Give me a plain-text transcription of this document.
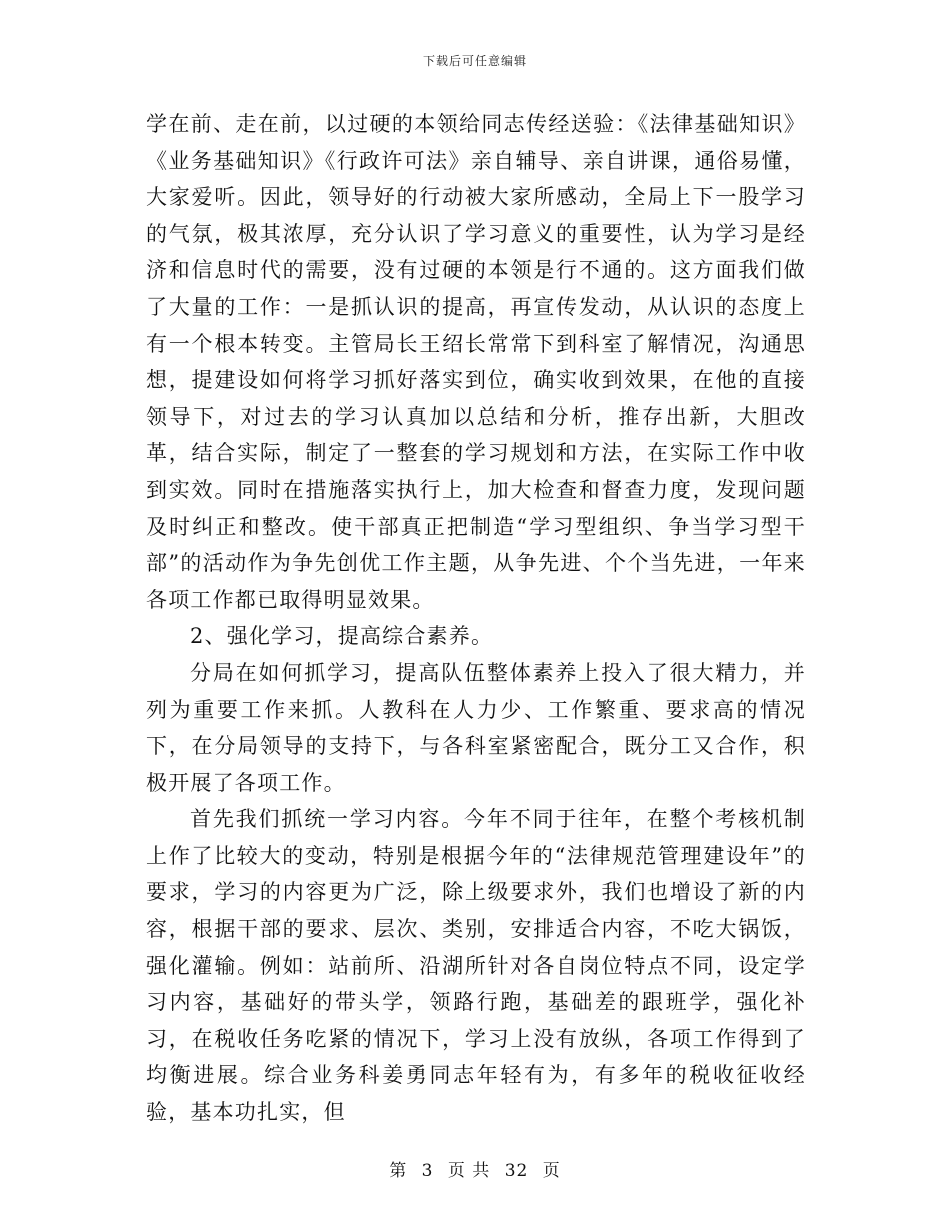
下载后可任意编辑

学在前、走在前，以过硬的本领给同志传经送验：《法律基础知识》《业务基础知识》《行政许可法》亲自辅导、亲自讲课，通俗易懂，大家爱听。因此，领导好的行动被大家所感动，全局上下一股学习的气氛，极其浓厚，充分认识了学习意义的重要性，认为学习是经济和信息时代的需要，没有过硬的本领是行不通的。这方面我们做了大量的工作：一是抓认识的提高，再宣传发动，从认识的态度上有一个根本转变。主管局长王绍长常常下到科室了解情况，沟通思想，提建设如何将学习抓好落实到位，确实收到效果，在他的直接领导下，对过去的学习认真加以总结和分析，推存出新，大胆改革，结合实际，制定了一整套的学习规划和方法，在实际工作中收到实效。同时在措施落实执行上，加大检查和督查力度，发现问题及时纠正和整改。使干部真正把制造“学习型组织、争当学习型干部”的活动作为争先创优工作主题，从争先进、个个当先进，一年来各项工作都已取得明显效果。

2、强化学习，提高综合素养。

分局在如何抓学习，提高队伍整体素养上投入了很大精力，并列为重要工作来抓。人教科在人力少、工作繁重、要求高的情况下，在分局领导的支持下，与各科室紧密配合，既分工又合作，积极开展了各项工作。

首先我们抓统一学习内容。今年不同于往年，在整个考核机制上作了比较大的变动，特别是根据今年的“法律规范管理建设年”的要求，学习的内容更为广泛，除上级要求外，我们也增设了新的内容，根据干部的要求、层次、类别，安排适合内容，不吃大锅饭，强化灌输。例如：站前所、沿湖所针对各自岗位特点不同，设定学习内容，基础好的带头学，领路行跑，基础差的跟班学，强化补习，在税收任务吃紧的情况下，学习上没有放纵，各项工作得到了均衡进展。综合业务科姜勇同志年轻有为，有多年的税收征收经验，基本功扎实，但

第 3 页 共 32 页
